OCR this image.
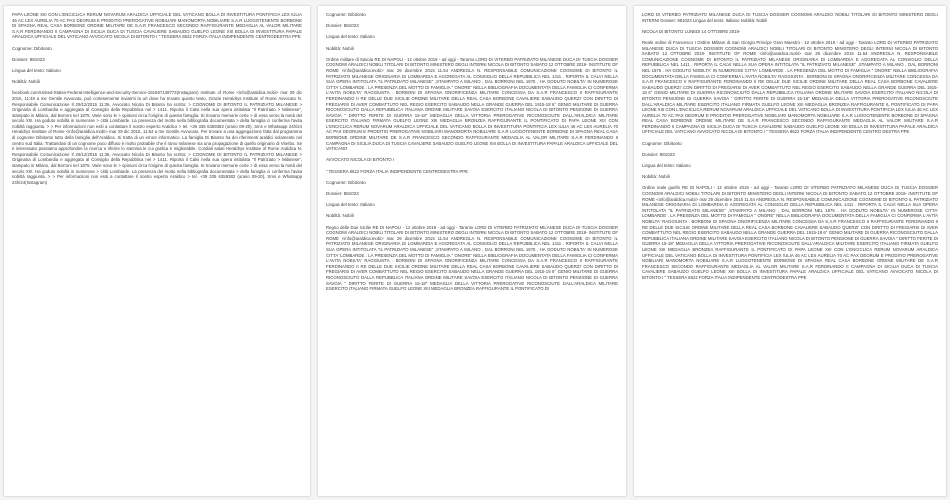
PAPA LEONE XIII CON L'ENCICLICA RERUM NOVARUM ARALDICA UFFICIALE DEL VATICANO BOLLA DI INVESTITURA PONTIFICIA LEX IULIA 46 AC LEX AURELIA 70 AC PAX DEORUM E PRODITIO PREROGATIVE NOBILIARI MANOMORTA NOBILIARE S.A.R LUOGOTENENTE BORBONE DI SPAGNA REAL CASA BORBONE ORDINE MILITARE DE S.A.R FRANCESCO SECONDO RAFFIGURANTE MEDAGLIA AL VALOR MILITARE S.A.R FERDINANDO II CAMPAGNA DI SICILIA DUCA DI TUSCIA CAVALIERE SABAUDO GUELFO LEONE XIII BOLLA DI INVESTITURA PAPALE ARALDICA UFFICIALE DEL VATICANO AVVOCATO NICOLA DI BITONTO I " TESSERA 8622 FORZA ITALIA INDIPENDENTE CENTRODESTRA PPE

Cognome: Dibitonto

Dossier: 881023

Lingua del testo: Italiano

Nobiltà: Nobili

facebook.com/United-States-Federal-Intelligence-and-Security-Service-191597139773(Instagram) Institute of Rome <info@araldica.mobi> mar 29 dic 2015, 11:48 a me Gentile Avvocato, può cortesemente inviarmi la url dove ha trovato questo testo. Grazie Heraldrys Institute of Rome Avvocato N. Responsabile Comunicazione Il 29/12/2015 11:36, Avvocato Nicola Di Bitonto ha scritto: > COGNOME DI BITONTO IL PATRIZIATO MILANESE > Originaria di Lombardia e aggregata al Consiglio della Repubblica nel > 1411. Riporta il Calvi nella sua opera intitolata "Il Patriziato > Milanese", stampato in Milano, dal Borroni nel 1875. Varie sono le > opinioni circa l'origine di questa famiglia. Si trovano memorie certe > di essa verso la metà del secolo XIII. Ha goduto nobiltà in numerose > città Lombarde. La presenza del motto nella bibliografia documentata > della famiglia ci conferma l'avita nobiltà raggiunta. > > Per informazioni non esiti a contattare il nostro esperto Araldico > tel. +39 335 6359382 (orario 09-20), Sms e Whatsapp 24h/24 Heraldrys Institute of Rome <info@araldica.mobi> mar 29 dic 2015, 11:54 a me Gentile Avvocato, Per trovare a una aggregazione fatta dal programma di cognome Dibitonto tutto della famiglia dell'Araldica. Si tratta di un errore informatico. La famiglia Di Bitonto ha dei riferimenti araldici solamente nel centro sud Italia. Trattandosi di un cognome poco diffuso è molto probabile che il ramo milanese sia una propagazione di quello originario di Viterbo. Se è interessato possiamo approfondire la ricerca e riferire lo stemma le cui grafica è migliorabile. Cordiali saluti Heraldrys Institute of Rome Araldica N. Responsabile Comunicazione Il 29/12/2015 11:36, Avvocato Nicola Di Bitonto ha scritto: > COGNOME DI BITONTO IL PATRIZIATO MILANESE > Originaria di Lombardia e aggregata al Consiglio della Repubblica nel > 1411. Riporta il Calvi nella sua opera intitolata "Il Patriziato > Milanese", stampato in Milano, dal Borroni nel 1875. Varie sono le > opinioni circa l'origine di questa famiglia. Si trovano memorie certe > di essa verso la metà del secolo XIII. Ha goduto nobiltà in numerose > città Lombarde. La presenza del motto nella bibliografia documentata > della famiglia ci conferma l'avita nobiltà raggiunta. > > Per informazioni non esiti a contattare il nostro esperto Araldico > tel. +39 335 6359382 (orario 09-20), Sms e Whatsapp 24h/24(Instagram)

Cognome: Dibitonto

Dossier: 881023

Lingua del testo: Italiano

Nobiltà: Nobili

Ordine militare di Savoia RE DI NAPOLI - 12 ottobre 2019 - ad oggi - Taranto LORD DI VITERBO PATRIZIATO MILANESE DUCA DI TUSCIA DOSSIER COGNOMI ARALDICI NOBILI TITOLARI DI BITONTO MINISTERO DEGLI INTERNI NICOLA DI BITONTO SABATO 12 OTTOBRE 2019- INSTITUTE OF ROME <info@araldica.mobi> mar 29 dicembre 2015 11.54 ANDREOLA N. RESPONSABILE COMUNICAZIONE COGNOME DI BITONTO IL PATRIZIATO MILANESE ORIGINARIA DI LOMBARDIA E AGGREGATA AL CONSIGLIO DELLA REPUBBLICA NEL 1411 . RIPORTA IL CALVI NELLA SUA OPERA INTITOLATA "IL PATRIZIATO MILANESE" ,STAMPATO A MILANO , DAL BORRONI NEL 1875 . HA GODUTO NOBILTA' IN NUMEROSE CITTA' LOMBARDE . LA PRESENZA DEL MOTTO DI FAMIGLIA " ONORE" NELLA BIBLIOGRAFIA DOCUMENTATA DELLA FAMIGLIA CI CONFERMA L'AVITA NOBILTA' RAGGIUNTA . BORBONI DI SPAGNA ONORIFICENZA MILITARE CONCESSA DA S.A.R FRANCESCO II RAFFIGURANTE FERDINANDO II RE DELLE DUE SICILIE ORDINE MILITARE DELLA REAL CASA BORBONE CAVALIERE SABAUDO QUERZI' CON DIRITTO DI FREGIARSI DI AVER COMBATTUTO NEL REGIO ESERCITO SABAUDO NELLA GRANDE GUERRA DEL 1915-18 6° GENIO MILITARE DI GUERRA RICONOSCIUTO DALLA REPUBBLICA ITALIANA ORDINE MILITARE SAVOIA ESERCITO ITALIANO NICOLA DI BITONTO PENSIONE DI GUERRA SAVOIA " DIRITTO FERITE DI GUERRA 15-18" MEDAGLIA DELLA VITTORIA PREROGATIVE RICONOSCIUTE DALL'ARALDICA MILITARE ESERCITO ITALIANO FIRMATA GUELFO LEONE XIII MEDAGLIA BRONZEA RAFFIGURANTE IL PONTIFICATO DI PAPA LEONE XIII CON L'ENCICLICA RERUM NOVARUM ARALDICA UFFICIALE DEL VATICANO BOLLA DI INVESTITURA PONTIFICIA LEX IULIA 46 AC LEX AURELIA 70 AC PAX DEORUM E PRODITIO PREROGATIVE NOBILIARI MANOMORTA NOBILIARE S.A.R LUOGOTENENTE BORBONE DI SPAGNA REAL CASA BORBONE ORDINE MILITARE DE S.A.R FRANCESCO SECONDO RAFFIGURANTE MEDAGLIA AL VALOR MILITARE S.A.R FERDINANDO II CAMPAGNA DI SICILIA DUCA DI TUSCIA CAVALIERE SABAUDO GUELFO LEONE XIII BOLLA DI INVESTITURA PAPALE ARALDICA UFFICIALE DEL VATICANO

AVVOCATO NICOLA DI BITONTO I

" TESSERA 8622 FORZA ITALIA INDIPENDENTE CENTRODESTRA PPE

Cognome: Dibitonto

Dossier: 881023

Lingua del testo: Italiano

Nobiltà: Nobili

Regno delle Due Sicilie RE DI NAPOLI - 12 ottobre 2019 - ad oggi - Taranto LORD DI VITERBO PATRIZIATO MILANESE DUCA DI TUSCIA DOSSIER COGNOMI ARALDICI NOBILI TITOLARI DI BITONTO MINISTERO DEGLI INTERNI NICOLA DI BITONTO SABATO 12 OTTOBRE 2019- INSTITUTE OF ROME <info@araldica.mobi> mar 29 dicembre 2015 11.54 ANDREOLA N. RESPONSABILE COMUNICAZIONE COGNOME DI BITONTO IL PATRIZIATO MILANESE ORIGINARIA DI LOMBARDIA E AGGREGATA AL CONSIGLIO DELLA REPUBBLICA NEL 1411 . RIPORTA IL CALVI NELLA SUA OPERA INTITOLATA "IL PATRIZIATO MILANESE" ,STAMPATO A MILANO , DAL BORRONI NEL 1875 . HA GODUTO NOBILTA' IN NUMEROSE CITTA' LOMBARDE . LA PRESENZA DEL MOTTO DI FAMIGLIA " ONORE" NELLA BIBLIOGRAFIA DOCUMENTATA DELLA FAMIGLIA CI CONFERMA L'AVITA NOBILTA' RAGGIUNTA . BORBONI DI SPAGNA ONORIFICENZA MILITARE CONCESSA DA S.A.R FRANCESCO II RAFFIGURANTE FERDINANDO II RE DELLE DUE SICILIE ORDINE MILITARE DELLA REAL CASA BORBONE CAVALIERE SABAUDO QUERZI' CON DIRITTO DI FREGIARSI DI AVER COMBATTUTO NEL REGIO ESERCITO SABAUDO NELLA GRANDE GUERRA DEL 1915-18 6° GENIO MILITARE DI GUERRA RICONOSCIUTO DALLA REPUBBLICA ITALIANA ORDINE MILITARE SAVOIA ESERCITO ITALIANO NICOLA DI BITONTO PENSIONE DI GUERRA SAVOIA " DIRITTO FERITE DI GUERRA 15-18" MEDAGLIA DELLA VITTORIA PREROGATIVE RICONOSCIUTE DALL'ARALDICA MILITARE ESERCITO ITALIANO FIRMATA GUELFO LEONE XIII MEDAGLIA BRONZEA RAFFIGURANTE IL PONTIFICATO DI

LORD DI VITERBO PATRIZIATO MILANESE DUCA DI TUSCIA DOSSIER COGNOMI ARALDICI NOBILI TITOLARI DI BITONTO MINISTERO DEGLI INTERNI Dossier: 881023 Lingua del testo: Italiano Nobiltà: Nobili

NICOLA DI BITONTO LUNEDI 14 OTTOBRE 2019-

Reale ordine di Francesco I Ordine Militare di San Giorgio Principe Gran Maestro - 12 ottobre 2019 - ad oggi - Taranto LORD DI VITERBO PATRIZIATO MILANESE DUCA DI TUSCIA DOSSIER COGNOMI ARALDICI NOBILI TITOLARI DI BITONTO MINISTERO DEGLI INTERNI NICOLA DI BITONTO SABATO 12 OTTOBRE 2019- INSTITUTE OF ROME <info@araldica.mobi> mar 29 dicembre 2015 11.54 ANDREOLA N. RESPONSABILE COMUNICAZIONE COGNOME DI BITONTO IL PATRIZIATO MILANESE ORIGINARIA DI LOMBARDIA E AGGREGATA AL CONSIGLIO DELLA REPUBBLICA NEL 1411 . RIPORTA IL CALVI NELLA SUA OPERA INTITOLATA "IL PATRIZIATO MILANESE" ,STAMPATO A MILANO , DAL BORRONI NEL 1875 . HA GODUTO NOBILTA' IN NUMEROSE CITTA' LOMBARDE . LA PRESENZA DEL MOTTO DI FAMIGLIA " ONORE" NELLA BIBLIOGRAFIA DOCUMENTATA DELLA FAMIGLIA CI CONFERMA L'AVITA NOBILTA' RAGGIUNTA . BORBONI DI SPAGNA ONORIFICENZA MILITARE CONCESSA DA S.A.R FRANCESCO II RAFFIGURANTE FERDINANDO II RE DELLE DUE SICILIE ORDINE MILITARE DELLA REAL CASA BORBONE CAVALIERE SABAUDO QUERZI' CON DIRITTO DI FREGIARSI DI AVER COMBATTUTO NEL REGIO ESERCITO SABAUDO NELLA GRANDE GUERRA DEL 1915-18 6° GENIO MILITARE DI GUERRA RICONOSCIUTO DALLA REPUBBLICA ITALIANA ORDINE MILITARE SAVOIA ESERCITO ITALIANO NICOLA DI BITONTO PENSIONE DI GUERRA SAVOIA " DIRITTO FERITE DI GUERRA 15-18" MEDAGLIA DELLA VITTORIA PREROGATIVE RICONOSCIUTE DALL'ARALDICA MILITARE ESERCITO ITALIANO FIRMATA GUELFO LEONE XIII MEDAGLIA BRONZEA RAFFIGURANTE IL PONTIFICATO DI PAPA LEONE XIII CON L'ENCICLICA RERUM NOVARUM ARALDICA UFFICIALE DEL VATICANO BOLLA DI INVESTITURA PONTIFICIA LEX IULIA 46 AC LEX AURELIA 70 AC PAX DEORUM E PRODITIO PREROGATIVE NOBILIARI MANOMORTA NOBILIARE S.A.R LUOGOTENENTE BORBONE DI SPAGNA REAL CASA BORBONE ORDINE MILITARE DE S.A.R FRANCESCO SECONDO RAFFIGURANTE MEDAGLIA AL VALOR MILITARE S.A.R FERDINANDO II CAMPAGNA DI SICILIA DUCA DI TUSCIA CAVALIERE SABAUDO GUELFO LEONE XIII BOLLA DI INVESTITURA PAPALE ARALDICA UFFICIALE DEL VATICANO AVVOCATO NICOLA DI BITONTO I " TESSERA 8622 FORZA ITALIA INDIPENDENTE CENTRO DESTRA PPE

Cognome: Dibitonto

Dossier: 881023

Lingua del testo: Italiano

Nobiltà: Nobili

Ordine reale guelfo RE DI NAPOLI - 12 ottobre 2019 - ad oggi - Taranto LORD DI VITERBO PATRIZIATO MILANESE DUCA DI TUSCIA DOSSIER COGNOMI ARALDICI NOBILI TITOLARI DI BITONTO MINISTERO DEGLI INTERNI NICOLA DI BITONTO SABATO 12 OTTOBRE 2019- INSTITUTE OF ROME <info@araldica.mobi> mar 29 dicembre 2015 11.54 ANDREOLA N. RESPONSABILE COMUNICAZIONE COGNOME DI BITONTO IL PATRIZIATO MILANESE ORIGINARIA DI LOMBARDIA E AGGREGATA AL CONSIGLIO DELLA REPUBBLICA NEL 1411 . RIPORTA IL CALVI NELLA SUA OPERA INTITOLATA "IL PATRIZIATO MILANESE" ,STAMPATO A MILANO , DAL BORRONI NEL 1875 . HA GODUTO NOBILTA' IN NUMEROSE CITTA' LOMBARDE . LA PRESENZA DEL MOTTO DI FAMIGLIA " ONORE" NELLA BIBLIOGRAFIA DOCUMENTATA DELLA FAMIGLIA CI CONFERMA L'AVITA NOBILTA' RAGGIUNTA . BORBONI DI SPAGNA ONORIFICENZA MILITARE CONCESSA DA S.A.R FRANCESCO II RAFFIGURANTE FERDINANDO II RE DELLE DUE SICILIE ORDINE MILITARE DELLA REAL CASA BORBONE CAVALIERE SABAUDO QUERZI' CON DIRITTO DI FREGIARSI DI AVER COMBATTUTO NEL REGIO ESERCITO SABAUDO NELLA GRANDE GUERRA DEL 1915-18 6° GENIO MILITARE DI GUERRA RICONOSCIUTO DALLA REPUBBLICA ITALIANA ORDINE MILITARE SAVOIA ESERCITO ITALIANO NICOLA DI BITONTO PENSIONE DI GUERRA SAVOIA " DIRITTO FERITE DI GUERRA 15-18" MEDAGLIA DELLA VITTORIA PREROGATIVE RICONOSCIUTE DALL'ARALDICA MILITARE ESERCITO ITALIANO FIRMATA GUELFO LEONE XIII MEDAGLIA BRONZEA RAFFIGURANTE IL PONTIFICATO DI PAPA LEONE XIII CON L'ENCICLICA RERUM NOVARUM ARALDICA UFFICIALE DEL VATICANO BOLLA DI INVESTITURA PONTIFICIA LEX IULIA 46 AC LEX AURELIA 70 AC PAX DEORUM E PRODITIO PREROGATIVE NOBILIARI MANOMORTA NOBILIARE S.A.R LUOGOTENENTE BORBONE DI SPAGNA REAL CASA BORBONE ORDINE MILITARE DE S.A.R FRANCESCO SECONDO RAFFIGURANTE MEDAGLIA AL VALOR MILITARE S.A.R FERDINANDO II CAMPAGNA DI SICILIA DUCA DI TUSCIA CAVALIERE SABAUDO GUELFO LEONE XIII BOLLA DI INVESTITURA PAPALE ARALDICA UFFICIALE DEL VATICANO AVVOCATO NICOLA DI BITONTO I " TESSERA 8622 FORZA ITALIA INDIPENDENTE CENTRODESTRA PPE
